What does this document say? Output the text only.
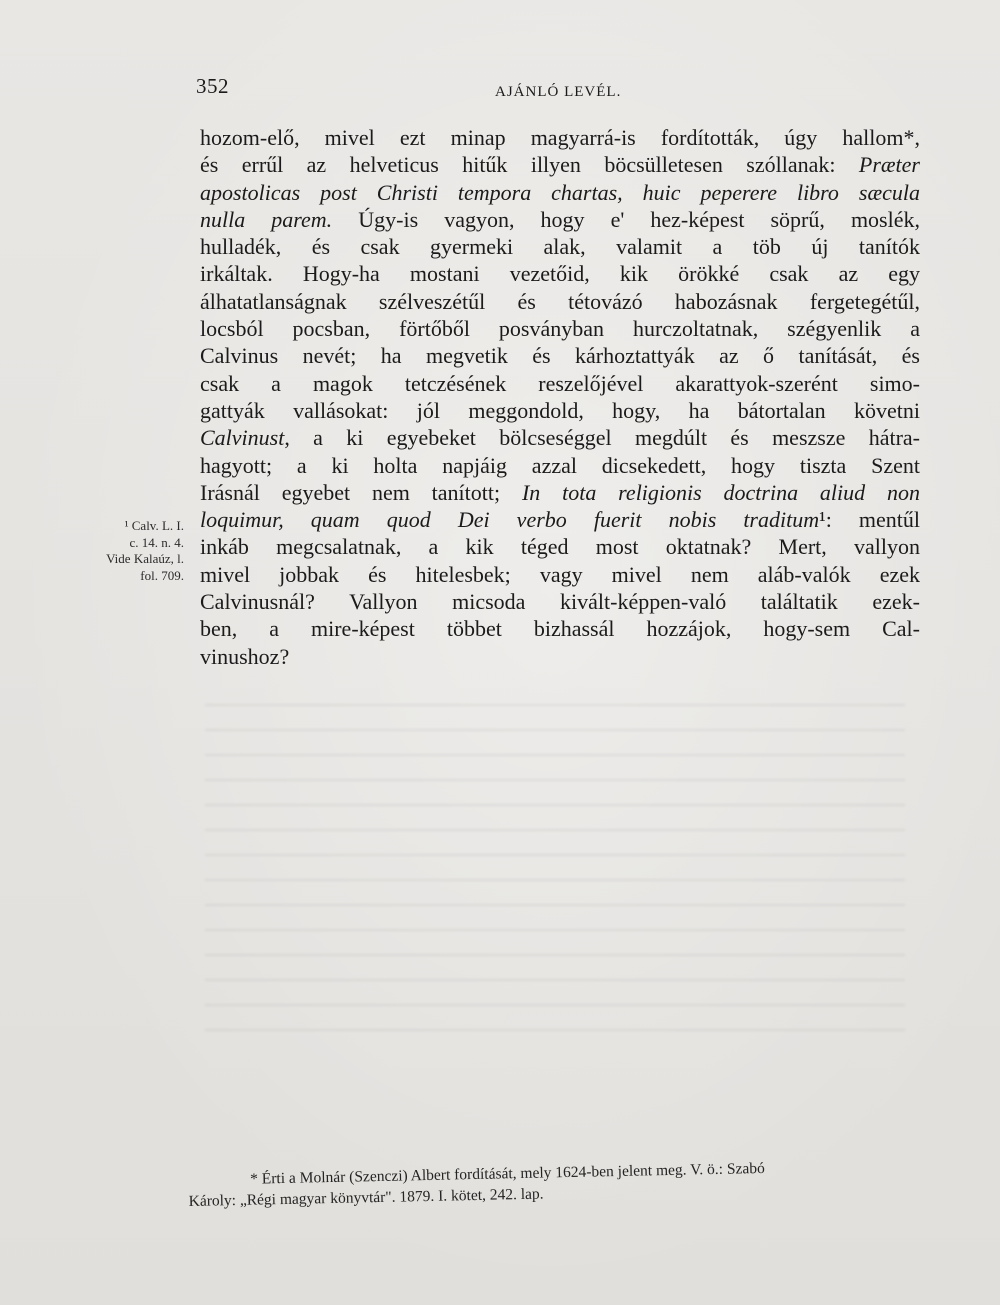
352	AJÁNLÓ LEVÉL.
hozom-elő, mivel ezt minap magyarrá-is fordították, úgy hallom*,
és errűl az helveticus hitűk illyen böcsülletesen szóllanak: Præter
apostolicas post Christi tempora chartas, huic peperere libro sæcula
nulla parem. Úgy-is vagyon, hogy e' hez-képest söprű, moslék,
hulladék, és csak gyermeki alak, valamit a töb új tanítók
irkáltak. Hogy-ha mostani vezetőid, kik örökké csak az egy
álhatatlanságnak szélveszétűl és tétovázó habozásnak fergetegétűl,
locsból pocsban, förtőből posványban hurczoltatnak, szégyenlik a
Calvinus nevét; ha megvetik és kárhoztattyák az ő tanítását, és
csak a magok tetczésének reszelőjével akarattyok-szerént simo-
gattyák vallásokat: jól meggondold, hogy, ha bátortalan követni
Calvinust, a ki egyebeket bölcseséggel megdúlt és meszsze hátra-
hagyott; a ki holta napjáig azzal dicsekedett, hogy tiszta Szent
Irásnál egyebet nem tanított; In tota religionis doctrina aliud non
loquimur, quam quod Dei verbo fuerit nobis traditum¹: mentűl
inkáb megcsalatnak, a kik téged most oktatnak? Mert, vallyon
mivel jobbak és hitelesbek; vagy mivel nem aláb-valók ezek
Calvinusnál? Vallyon micsoda kivált-képpen-való találtatik ezek-
ben, a mire-képest többet bizhassál hozzájok, hogy-sem Cal-
vinushoz?
¹ Calv. L. I.
c. 14. n. 4.
Vide Kalaúz, l.
fol. 709.
* Érti a Molnár (Szenczi) Albert fordítását, mely 1624-ben jelent meg. V. ö.: Szabó
Károly: „Régi magyar könyvtár". 1879. I. kötet, 242. lap.
